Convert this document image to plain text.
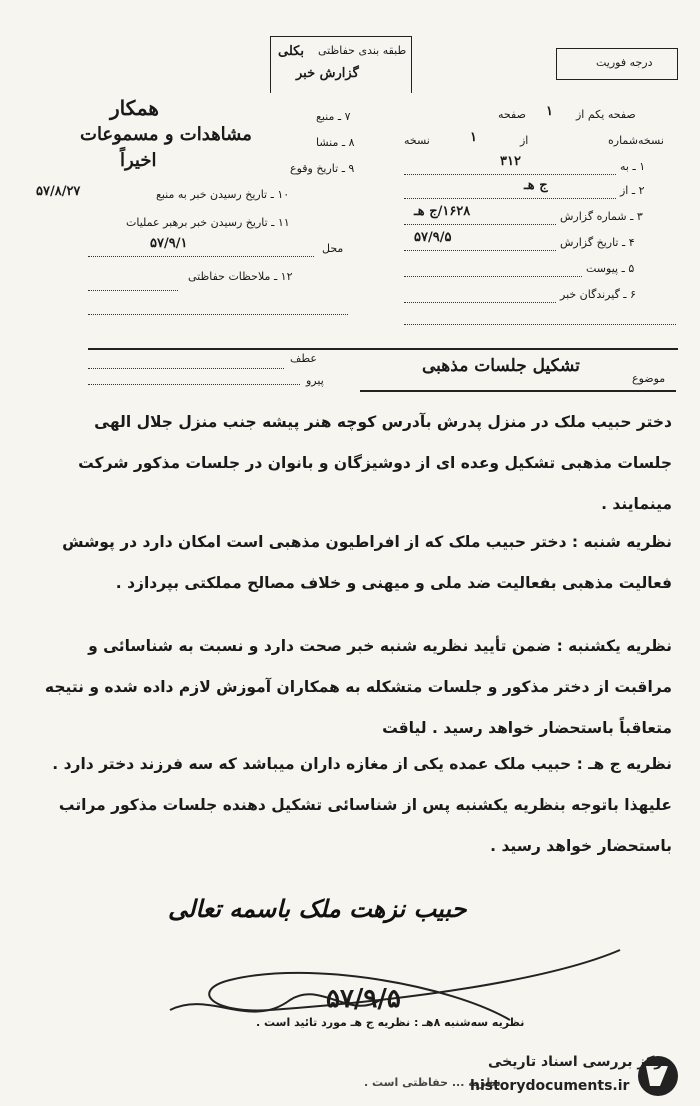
درجه فوریت
طبقه بندی حفاظتی
بکلی
گزارش خبر
صفحه یکم از
۱
صفحه
نسخه‌شماره
از
۱
نسخه
۱ ـ به
۳۱۲
۲ ـ از
ج هـ
۳ ـ شماره گزارش
۱۶۲۸/ج هـ
۴ ـ تاریخ گزارش
۵۷/۹/۵
۵ ـ پیوست
۶ ـ گیرندگان خبر
۷ ـ منبع
همکار
۸ ـ منشا
مشاهدات و مسموعات
۹ ـ تاریخ وقوع
اخیراً
۱۰ ـ تاریخ رسیدن خبر به منبع
۵۷/۸/۲۷
۱۱ ـ تاریخ رسیدن خبر برهبر عملیات
محل
۵۷/۹/۱
۱۲ ـ ملاحظات حفاظتی
عطف
پیرو	موضوع
تشکیل جلسات مذهبی
دختر حبیب ملک در منزل پدرش بآدرس کوچه هنر پیشه جنب منزل جلال الهی جلسات مذهبی تشکیل وعده ای از دوشیزگان و بانوان در جلسات مذکور شرکت مینمایند .
نظریه شنبه : دختر حبیب ملک که از افراطیون مذهبی است امکان دارد در پوشش فعالیت مذهبی بفعالیت ضد ملی و میهنی و خلاف مصالح مملکتی بپردازد .
نظریه یکشنبه : ضمن تأیید نظریه شنبه خبر صحت دارد و نسبت به شناسائی و مراقبت از دختر مذکور و جلسات متشکله به همکاران آموزش لازم داده شده و نتیجه متعاقباً باستحضار خواهد رسید . لیاقت
نظریه ج هـ : حبیب ملک عمده یکی از مغازه داران میباشد که سه فرزند دختر دارد . علیهذا باتوجه بنظریه یکشنبه پس از شناسائی تشکیل دهنده جلسات مذکور مراتب باستحضار خواهد رسید .
حبیب نزهت ملک باسمه تعالی
۵۷/۹/۵
نظریه سه‌شنبه ۸هـ : نظریه ج هـ مورد تائید است .
نظریه ... حفاظتی است .
مرکز بررسی اسناد تاریخی
historydocuments.ir
